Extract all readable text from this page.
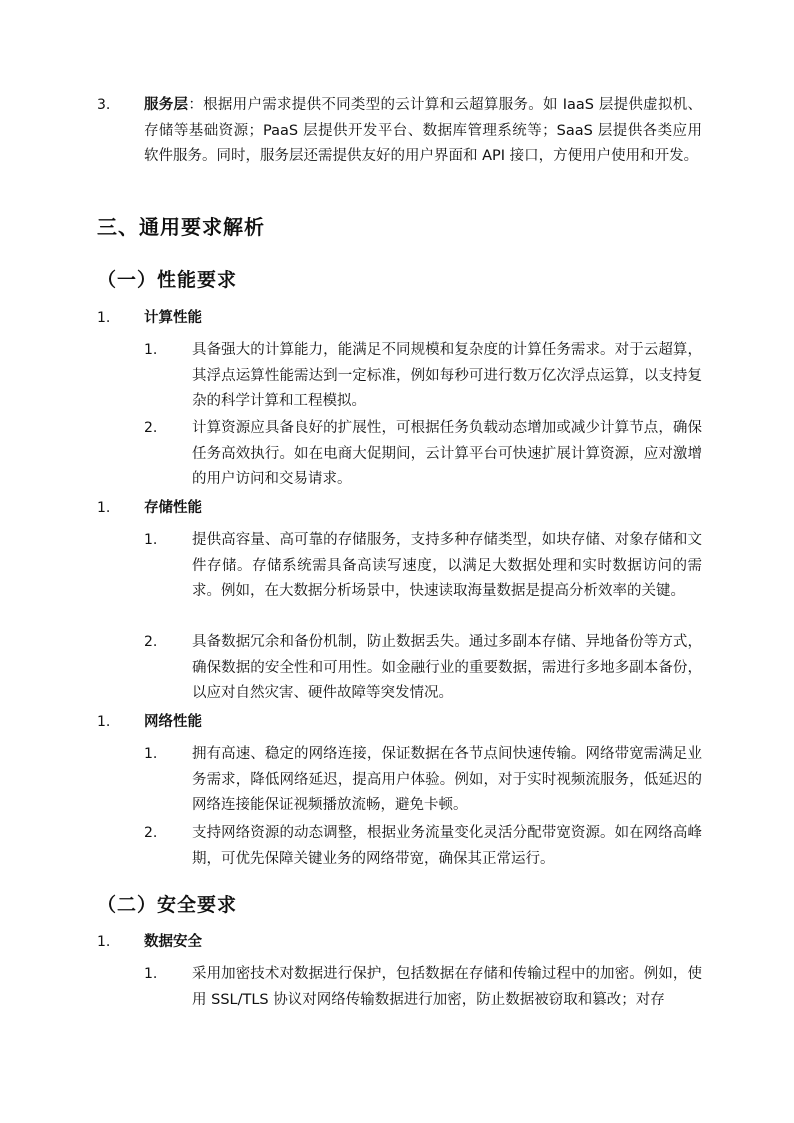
3. 服务层：根据用户需求提供不同类型的云计算和云超算服务。如 IaaS 层提供虚拟机、存储等基础资源；PaaS 层提供开发平台、数据库管理系统等；SaaS 层提供各类应用软件服务。同时，服务层还需提供友好的用户界面和 API 接口，方便用户使用和开发。
三、通用要求解析
（一）性能要求
1. 计算性能
1. 具备强大的计算能力，能满足不同规模和复杂度的计算任务需求。对于云超算，其浮点运算性能需达到一定标准，例如每秒可进行数万亿次浮点运算，以支持复杂的科学计算和工程模拟。
2. 计算资源应具备良好的扩展性，可根据任务负载动态增加或减少计算节点，确保任务高效执行。如在电商大促期间，云计算平台可快速扩展计算资源，应对激增的用户访问和交易请求。
1. 存储性能
1. 提供高容量、高可靠的存储服务，支持多种存储类型，如块存储、对象存储和文件存储。存储系统需具备高读写速度，以满足大数据处理和实时数据访问的需求。例如，在大数据分析场景中，快速读取海量数据是提高分析效率的关键。
2. 具备数据冗余和备份机制，防止数据丢失。通过多副本存储、异地备份等方式，确保数据的安全性和可用性。如金融行业的重要数据，需进行多地多副本备份，以应对自然灾害、硬件故障等突发情况。
1. 网络性能
1. 拥有高速、稳定的网络连接，保证数据在各节点间快速传输。网络带宽需满足业务需求，降低网络延迟，提高用户体验。例如，对于实时视频流服务，低延迟的网络连接能保证视频播放流畅，避免卡顿。
2. 支持网络资源的动态调整，根据业务流量变化灵活分配带宽资源。如在网络高峰期，可优先保障关键业务的网络带宽，确保其正常运行。
（二）安全要求
1. 数据安全
1. 采用加密技术对数据进行保护，包括数据在存储和传输过程中的加密。例如，使用 SSL/TLS 协议对网络传输数据进行加密，防止数据被窃取和篡改；对存
